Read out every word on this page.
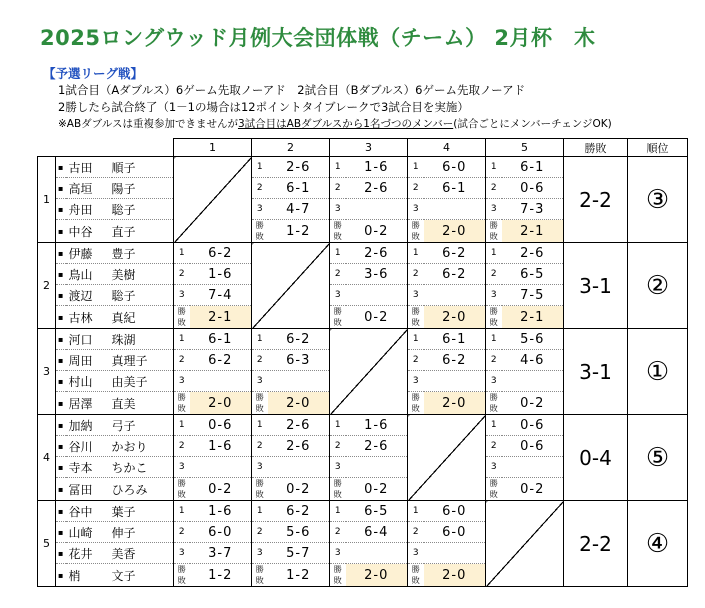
2025ロングウッド月例大会団体戦（チーム） 2月杯　木
【予選リーグ戦】
1試合目（Aダブルス）6ゲーム先取ノーアド　2試合目（Bダブルス）6ゲーム先取ノーアド
2勝したら試合終了（1－1の場合は12ポイントタイブレークで3試合目を実施）
※ABダブルスは重複参加できませんが3試合目はABダブルスから1名づつのメンバー(試合ごとにメンバーチェンジOK)
				1		2		3		4		5		勝敗	順位
1	▪	古田	順子			1	2-6	1	1-6	1	6-0	1	6-1	2-2	③
	▪	高垣	陽子			2	6-1	2	2-6	2	6-1	2	0-6		
	▪	舟田	聡子			3	4-7	3		3		3	7-3		
	▪	中谷	直子			勝敗	1-2	勝敗	0-2	勝敗	2-0	勝敗	2-1		
2	▪	伊藤	豊子	1	6-2			1	2-6	1	6-2	1	2-6	3-1	②
	▪	鳥山	美樹	2	1-6			2	3-6	2	6-2	2	6-5		
	▪	渡辺	聡子	3	7-4			3		3		3	7-5		
	▪	古林	真紀	勝敗	2-1			勝敗	0-2	勝敗	2-0	勝敗	2-1		
3	▪	河口	珠湖	1	6-1	1	6-2			1	6-1	1	5-6	3-1	①
	▪	周田	真理子	2	6-2	2	6-3			2	6-2	2	4-6		
	▪	村山	由美子	3		3				3		3			
	▪	居澤	直美	勝敗	2-0	勝敗	2-0			勝敗	2-0	勝敗	0-2		
4	▪	加納	弓子	1	0-6	1	2-6	1	1-6			1	0-6	0-4	⑤
	▪	谷川	かおり	2	1-6	2	2-6	2	2-6			2	0-6		
	▪	寺本	ちかこ	3		3		3				3			
	▪	冨田	ひろみ	勝敗	0-2	勝敗	0-2	勝敗	0-2			勝敗	0-2		
5	▪	谷中	葉子	1	1-6	1	6-2	1	6-5	1	6-0			2-2	④
	▪	山崎	伸子	2	6-0	2	5-6	2	6-4	2	6-0				
	▪	花井	美香	3	3-7	3	5-7	3		3					
	▪	梢	文子	勝敗	1-2	勝敗	1-2	勝敗	2-0	勝敗	2-0				
